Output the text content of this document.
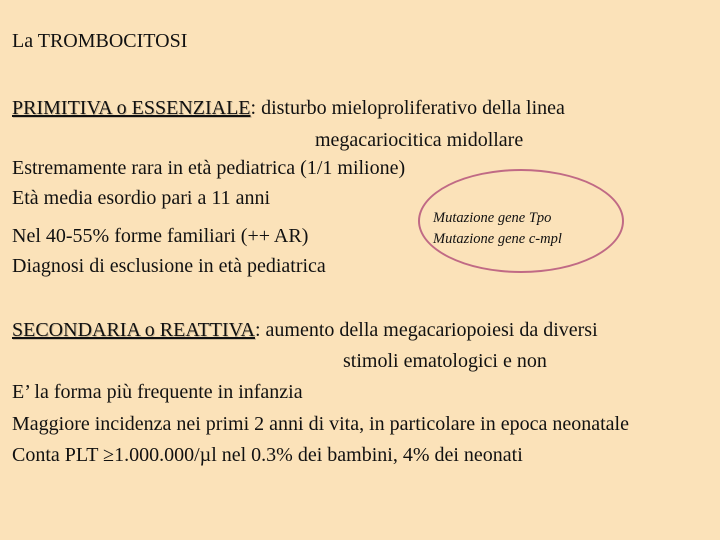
La TROMBOCITOSI
PRIMITIVA o ESSENZIALE: disturbo mieloproliferativo della linea
megacariocitica midollare
Estremamente rara in età pediatrica (1/1 milione)
Età media esordio pari a 11 anni
Nel 40-55% forme familiari (++ AR)
Diagnosi di esclusione in età pediatrica
Mutazione gene Tpo
Mutazione gene c-mpl
SECONDARIA o REATTIVA: aumento della megacariopoiesi da diversi
stimoli ematologici e non
E’ la forma più frequente in infanzia
Maggiore incidenza nei primi 2 anni di vita, in particolare in epoca neonatale
Conta PLT ≥1.000.000/µl nel 0.3% dei bambini, 4% dei neonati
